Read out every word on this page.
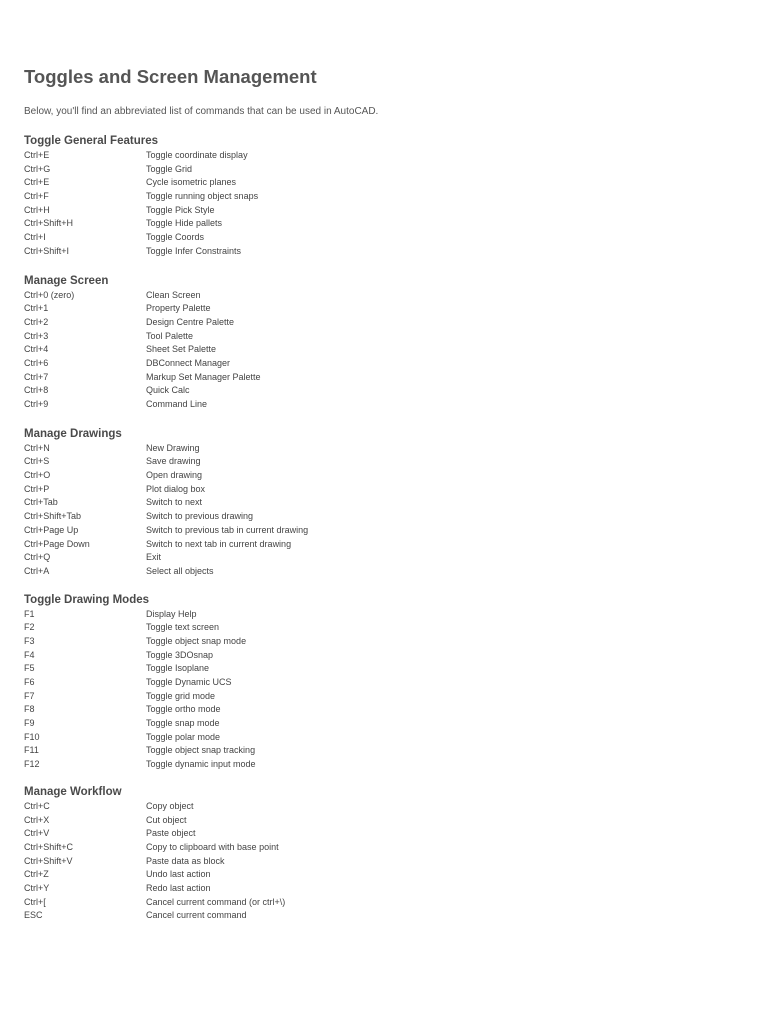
Toggles and Screen Management
Below, you'll find an abbreviated list of commands that can be used in AutoCAD.
Toggle General Features
Ctrl+E	Toggle coordinate display
Ctrl+G	Toggle Grid
Ctrl+E	Cycle isometric planes
Ctrl+F	Toggle running object snaps
Ctrl+H	Toggle Pick Style
Ctrl+Shift+H	Toggle Hide pallets
Ctrl+I	Toggle Coords
Ctrl+Shift+I	Toggle Infer Constraints
Manage Screen
Ctrl+0 (zero)	Clean Screen
Ctrl+1	Property Palette
Ctrl+2	Design Centre Palette
Ctrl+3	Tool Palette
Ctrl+4	Sheet Set Palette
Ctrl+6	DBConnect Manager
Ctrl+7	Markup Set Manager Palette
Ctrl+8	Quick Calc
Ctrl+9	Command Line
Manage Drawings
Ctrl+N	New Drawing
Ctrl+S	Save drawing
Ctrl+O	Open drawing
Ctrl+P	Plot dialog box
Ctrl+Tab	Switch to next
Ctrl+Shift+Tab	Switch to previous drawing
Ctrl+Page Up	Switch to previous tab in current drawing
Ctrl+Page Down	Switch to next tab in current drawing
Ctrl+Q	Exit
Ctrl+A	Select all objects
Toggle Drawing Modes
F1	Display Help
F2	Toggle text screen
F3	Toggle object snap mode
F4	Toggle 3DOsnap
F5	Toggle Isoplane
F6	Toggle Dynamic UCS
F7	Toggle grid mode
F8	Toggle ortho mode
F9	Toggle snap mode
F10	Toggle polar mode
F11	Toggle object snap tracking
F12	Toggle dynamic input mode
Manage Workflow
Ctrl+C	Copy object
Ctrl+X	Cut object
Ctrl+V	Paste object
Ctrl+Shift+C	Copy to clipboard with base point
Ctrl+Shift+V	Paste data as block
Ctrl+Z	Undo last action
Ctrl+Y	Redo last action
Ctrl+[	Cancel current command (or ctrl+\)
ESC	Cancel current command
